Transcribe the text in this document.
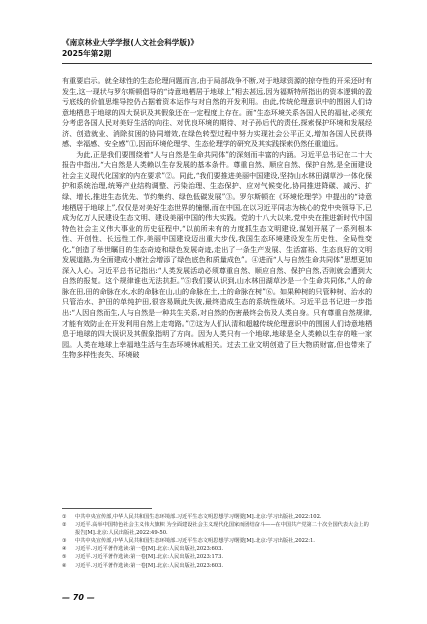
《南京林业大学学报(人文社会科学版)》
2025年第2期

有重要启示。就全球性的生态伦理问题而言,由于局部战争不断,对于地球资源的掠夺性的开采还时有发生,这一现状与罗尔斯顿倡导的“诗意地栖居于地球上”相去甚远,因为福斯特所指出的资本逻辑的盈亏底线的价值思维导控仍占据着资本运作与对自然的开发利用。由此,传统伦理意识中的围困人们诗意地栖息于地球的四大误识及其假象还在一定程度上存在。面“生态环境关系各国人民的福祉,必须充分考虑各国人民对美好生活的向往、对优良环境的期待、对子孙后代的责任,探索保护环境和发展经济、创造就业、消除贫困的协同增效,在绿色转型过程中努力实现社会公平正义,增加各国人民获得感、幸福感、安全感”①,因而环境伦理学、生态伦理学的研究及其实践探索仍然任重道远。

为此,正是我们要围绕着“人与自然是生命共同体”的深刻而丰富的内涵。习近平总书记在二十大报告中指出,“大自然是人类赖以生存发展的基本条件。尊重自然、顺应自然、保护自然,是全面建设社会主义现代化国家的内在要求”②。同此,“我们要推进美丽中国建设,坚持山水林田湖草沙一体化保护和系统治理,统筹产业结构调整、污染治理、生态保护、应对气候变化,协同推进降碳、减污、扩绿、增长,推进生态优先、节约集约、绿色低碳发展”③。罗尔斯顿在《环境伦理学》中提出的“诗意地栖居于地球上”,仅仅是对美好生态世界的憧憬,而在中国,在以习近平同志为核心的党中央领导下,已成为亿万人民建设生态文明、建设美丽中国的伟大实践。党的十八大以来,党中央在推进新时代中国特色社会主义伟大事业的历史征程中,“以前所未有的力度抓生态文明建设,谋划开展了一系列根本性、开创性、长远性工作,美丽中国建设迈出重大步伐,我国生态环境建设发生历史性、全局性变化,”创造了举世瞩目的生态奇迹和绿色发展奇迹,走出了一条生产发展、生活富裕、生态良好的文明发展道路,为全面建成小康社会增添了绿色底色和质量成色”。④进而“人与自然生命共同体”思想更加深入人心。习近平总书记指出:“人类发展活动必须尊重自然、顺应自然、保护自然,否则就会遭到大自然的报复。这个规律谁也无法抗拒。”⑤我们要认识到,山水林田湖草沙是一个生命共同体,“人的命脉在田,田的命脉在水,水的命脉在山,山的命脉在土,土的命脉在树”⑥。如果种树的只管种树、治水的只管治水、护田的单纯护田,很容易顾此失彼,最终造成生态的系统性破坏。习近平总书记进一步指出:“人因自然而生,人与自然是一种共生关系,对自然的伤害最终会伤及人类自身。只有尊重自然规律,才能有效防止在开发利用自然上走弯路。”⑦这为人们认清和超越传统伦理意识中的围困人们诗意地栖息于地球的四大误识及其假象指明了方向。因为人类只有一个地球,地球是全人类赖以生存的唯一家园。人类在地球上幸福地生活与生态环境休戚相关。过去工业文明创造了巨大物质财富,但也带来了生物多样性丧失、环境破

①	中共中央宣传部,中华人民共和国生态环境部.习近平生态文明思想学习纲要[M].北京:学习出版社,2022:102.
②	习近平.高举中国特色社会主义伟大旗帜 为全面建设社会主义现代化国家而团结奋斗——在中国共产党第二十次全国代表大会上的报告[M].北京:人民出版社,2022:49-50.
③	中共中央宣传部,中华人民共和国生态环境部.习近平生态文明思想学习纲要[M].北京:学习出版社,2022:1.
④	习近平.习近平著作选读:第一卷[M].北京:人民出版社,2023:603.
⑤	习近平.习近平著作选读:第一卷[M].北京:人民出版社,2023:173.
⑥	习近平.习近平著作选读:第一卷[M].北京:人民出版社,2023:603.
— 70 —
